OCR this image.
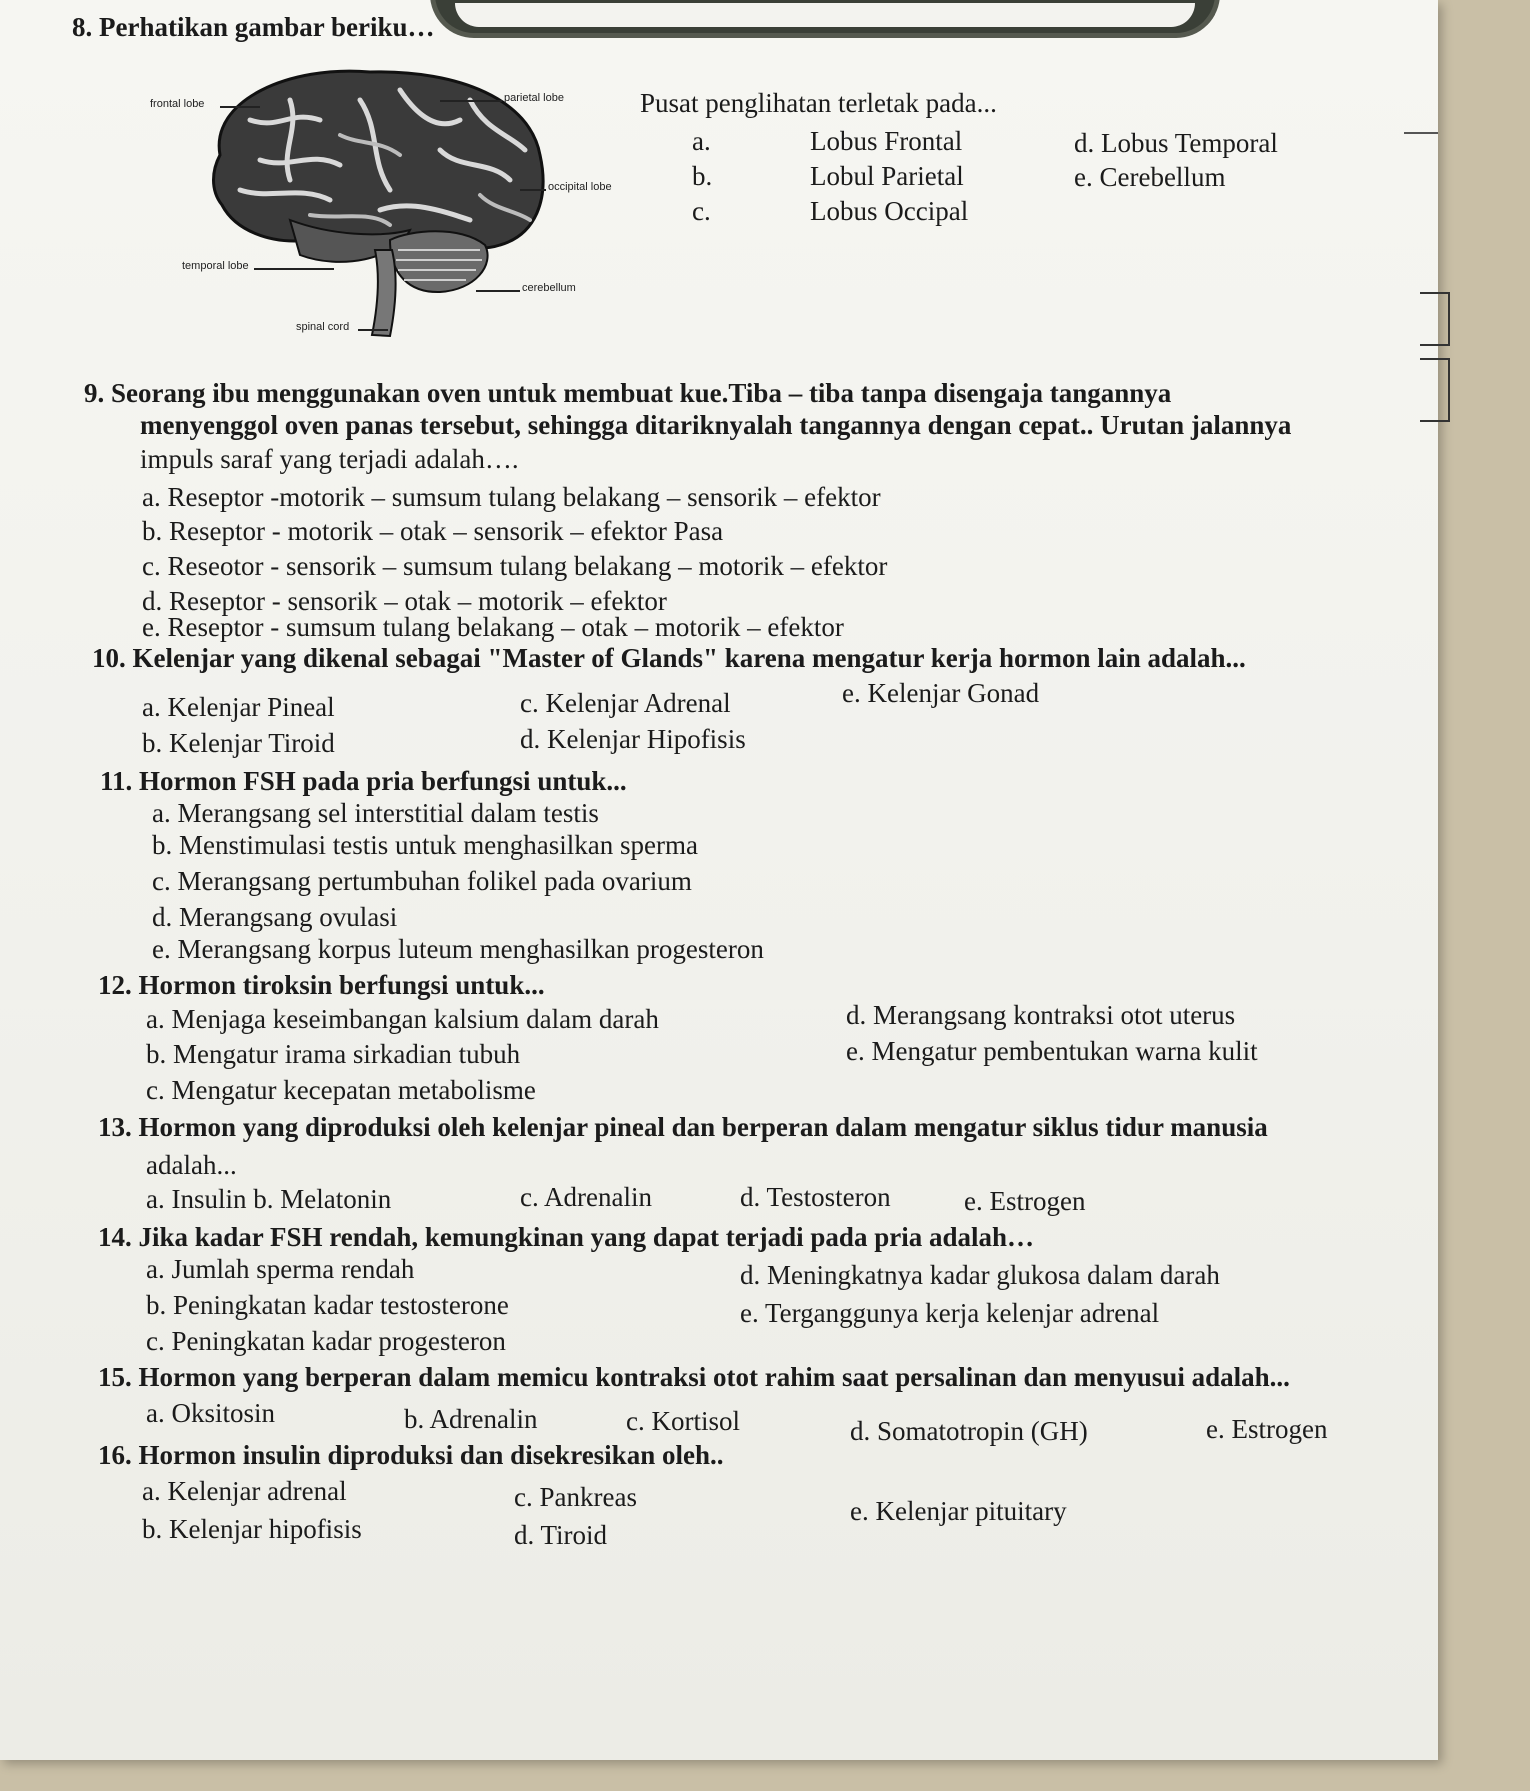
8. Perhatikan gambar beriku…
frontal lobe	parietal lobe
occipital lobe
temporal lobe
cerebellum
spinal cord
Pusat penglihatan terletak pada...
a.	Lobus Frontal
b.	Lobul Parietal
c.	Lobus Occipal
d. Lobus Temporal
e. Cerebellum
9. Seorang ibu menggunakan oven untuk membuat kue.Tiba – tiba tanpa disengaja tangannya
menyenggol oven panas tersebut, sehingga ditariknyalah tangannya dengan cepat.. Urutan jalannya
impuls saraf yang terjadi adalah….
a. Reseptor -motorik – sumsum tulang belakang – sensorik – efektor
b. Reseptor - motorik – otak – sensorik – efektor Pasa
c. Reseotor - sensorik – sumsum tulang belakang – motorik – efektor
d. Reseptor - sensorik – otak – motorik – efektor
e. Reseptor - sumsum tulang belakang – otak – motorik – efektor
10. Kelenjar yang dikenal sebagai "Master of Glands" karena mengatur kerja hormon lain adalah...
a. Kelenjar Pineal
b. Kelenjar Tiroid
c. Kelenjar Adrenal
d. Kelenjar Hipofisis
e. Kelenjar Gonad
11. Hormon FSH pada pria berfungsi untuk...
a. Merangsang sel interstitial dalam testis
b. Menstimulasi testis untuk menghasilkan sperma
c. Merangsang pertumbuhan folikel pada ovarium
d. Merangsang ovulasi
e. Merangsang korpus luteum menghasilkan progesteron
12. Hormon tiroksin berfungsi untuk...
a. Menjaga keseimbangan kalsium dalam darah
b. Mengatur irama sirkadian tubuh
c. Mengatur kecepatan metabolisme
d. Merangsang kontraksi otot uterus
e. Mengatur pembentukan warna kulit
13. Hormon yang diproduksi oleh kelenjar pineal dan berperan dalam mengatur siklus tidur manusia
adalah...
a. Insulin b. Melatonin	c. Adrenalin	d. Testosteron	e. Estrogen
14. Jika kadar FSH rendah, kemungkinan yang dapat terjadi pada pria adalah…
a. Jumlah sperma rendah
b. Peningkatan kadar testosterone
c. Peningkatan kadar progesteron
d. Meningkatnya kadar glukosa dalam darah
e. Terganggunya kerja kelenjar adrenal
15. Hormon yang berperan dalam memicu kontraksi otot rahim saat persalinan dan menyusui adalah...
a. Oksitosin	b. Adrenalin	c. Kortisol	d. Somatotropin (GH)	e. Estrogen
16. Hormon insulin diproduksi dan disekresikan oleh..
a. Kelenjar adrenal
b. Kelenjar hipofisis
c. Pankreas
d. Tiroid
e. Kelenjar pituitary
